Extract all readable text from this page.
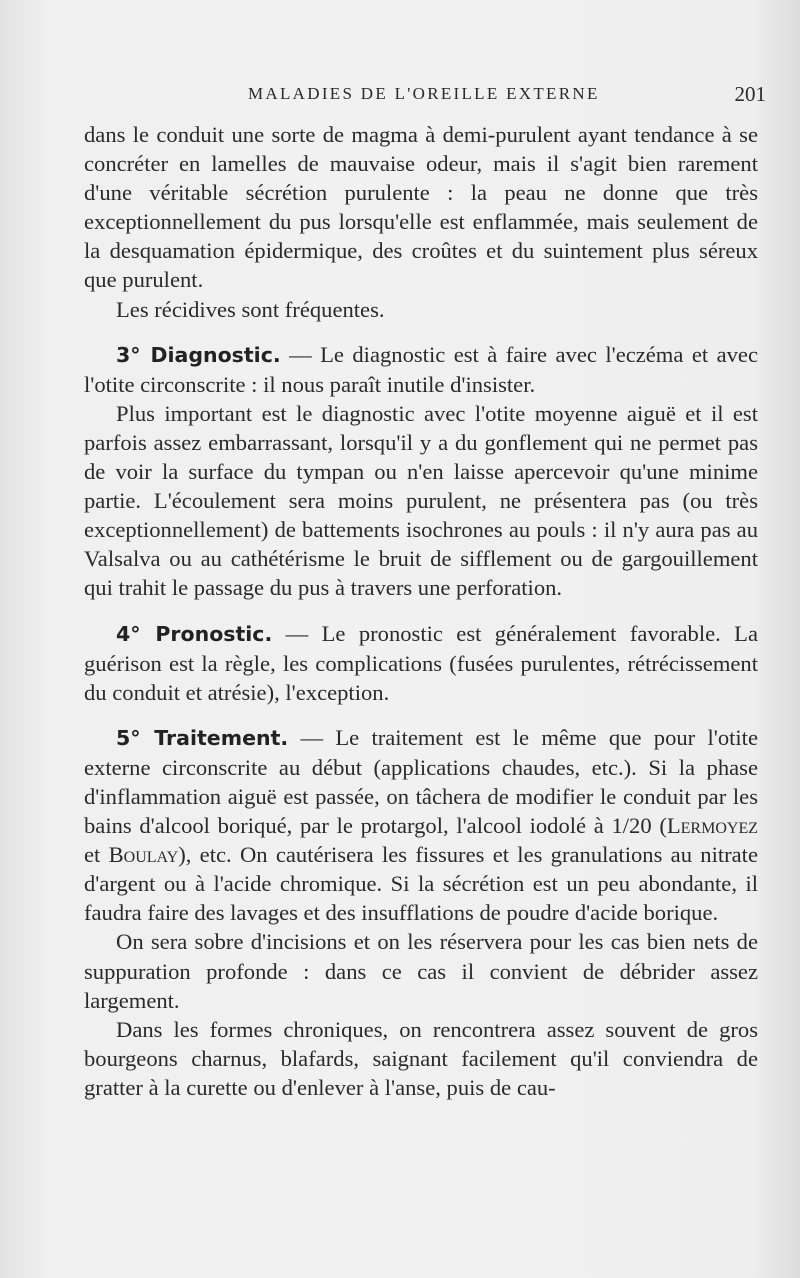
MALADIES DE L'OREILLE EXTERNE	201

dans le conduit une sorte de magma à demi-purulent ayant tendance à se concréter en lamelles de mauvaise odeur, mais il s'agit bien rarement d'une véritable sécrétion purulente : la peau ne donne que très exceptionnellement du pus lorsqu'elle est enflammée, mais seulement de la desquamation épidermique, des croûtes et du suintement plus séreux que purulent.

Les récidives sont fréquentes.

3° Diagnostic. — Le diagnostic est à faire avec l'eczéma et avec l'otite circonscrite : il nous paraît inutile d'insister.

Plus important est le diagnostic avec l'otite moyenne aiguë et il est parfois assez embarrassant, lorsqu'il y a du gonflement qui ne permet pas de voir la surface du tympan ou n'en laisse apercevoir qu'une minime partie. L'écoulement sera moins purulent, ne présentera pas (ou très exceptionnellement) de battements isochrones au pouls : il n'y aura pas au Valsalva ou au cathétérisme le bruit de sifflement ou de gargouillement qui trahit le passage du pus à travers une perforation.

4° Pronostic. — Le pronostic est généralement favorable. La guérison est la règle, les complications (fusées purulentes, rétrécissement du conduit et atrésie), l'exception.

5° Traitement. — Le traitement est le même que pour l'otite externe circonscrite au début (applications chaudes, etc.). Si la phase d'inflammation aiguë est passée, on tâchera de modifier le conduit par les bains d'alcool boriqué, par le protargol, l'alcool iodolé à 1/20 (Lermoyez et Boulay), etc. On cautérisera les fissures et les granulations au nitrate d'argent ou à l'acide chromique. Si la sécrétion est un peu abondante, il faudra faire des lavages et des insufflations de poudre d'acide borique.

On sera sobre d'incisions et on les réservera pour les cas bien nets de suppuration profonde : dans ce cas il convient de débrider assez largement.

Dans les formes chroniques, on rencontrera assez souvent de gros bourgeons charnus, blafards, saignant facilement qu'il conviendra de gratter à la curette ou d'enlever à l'anse, puis de cau-
